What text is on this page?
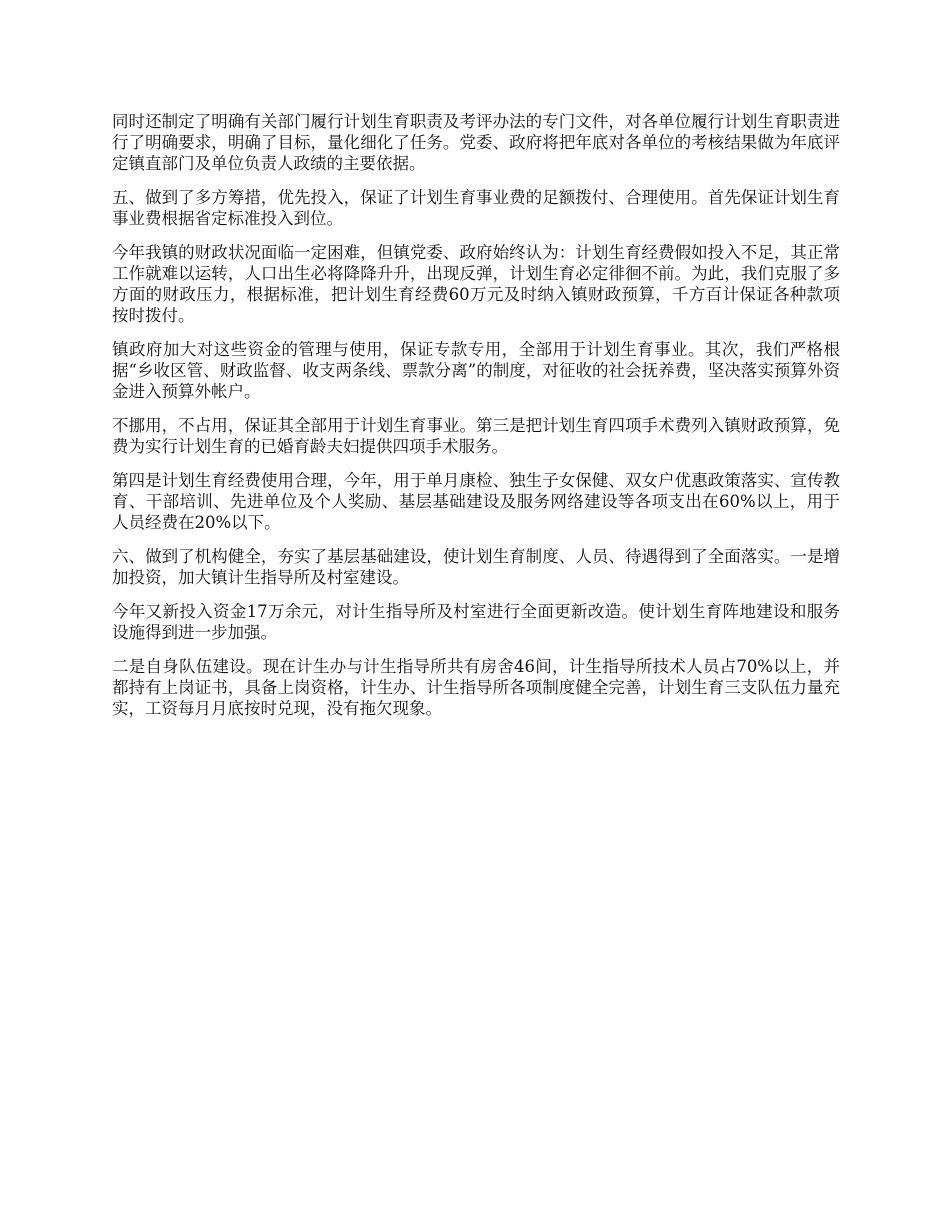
同时还制定了明确有关部门履行计划生育职责及考评办法的专门文件，对各单位履行计划生育职责进行了明确要求，明确了目标，量化细化了任务。党委、政府将把年底对各单位的考核结果做为年底评定镇直部门及单位负责人政绩的主要依据。

五、做到了多方筹措，优先投入，保证了计划生育事业费的足额拨付、合理使用。首先保证计划生育事业费根据省定标准投入到位。

今年我镇的财政状况面临一定困难，但镇党委、政府始终认为：计划生育经费假如投入不足，其正常工作就难以运转，人口出生必将降降升升，出现反弹，计划生育必定徘徊不前。为此，我们克服了多方面的财政压力，根据标准，把计划生育经费60万元及时纳入镇财政预算，千方百计保证各种款项按时拨付。

镇政府加大对这些资金的管理与使用，保证专款专用，全部用于计划生育事业。其次，我们严格根据“乡收区管、财政监督、收支两条线、票款分离”的制度，对征收的社会抚养费，坚决落实预算外资金进入预算外帐户。

不挪用，不占用，保证其全部用于计划生育事业。第三是把计划生育四项手术费列入镇财政预算，免费为实行计划生育的已婚育龄夫妇提供四项手术服务。

第四是计划生育经费使用合理，今年，用于单月康检、独生子女保健、双女户优惠政策落实、宣传教育、干部培训、先进单位及个人奖励、基层基础建设及服务网络建设等各项支出在60%以上，用于人员经费在20%以下。

六、做到了机构健全，夯实了基层基础建设，使计划生育制度、人员、待遇得到了全面落实。一是增加投资，加大镇计生指导所及村室建设。

今年又新投入资金17万余元，对计生指导所及村室进行全面更新改造。使计划生育阵地建设和服务设施得到进一步加强。

二是自身队伍建设。现在计生办与计生指导所共有房舍46间，计生指导所技术人员占70%以上，并都持有上岗证书，具备上岗资格，计生办、计生指导所各项制度健全完善，计划生育三支队伍力量充实，工资每月月底按时兑现，没有拖欠现象。
